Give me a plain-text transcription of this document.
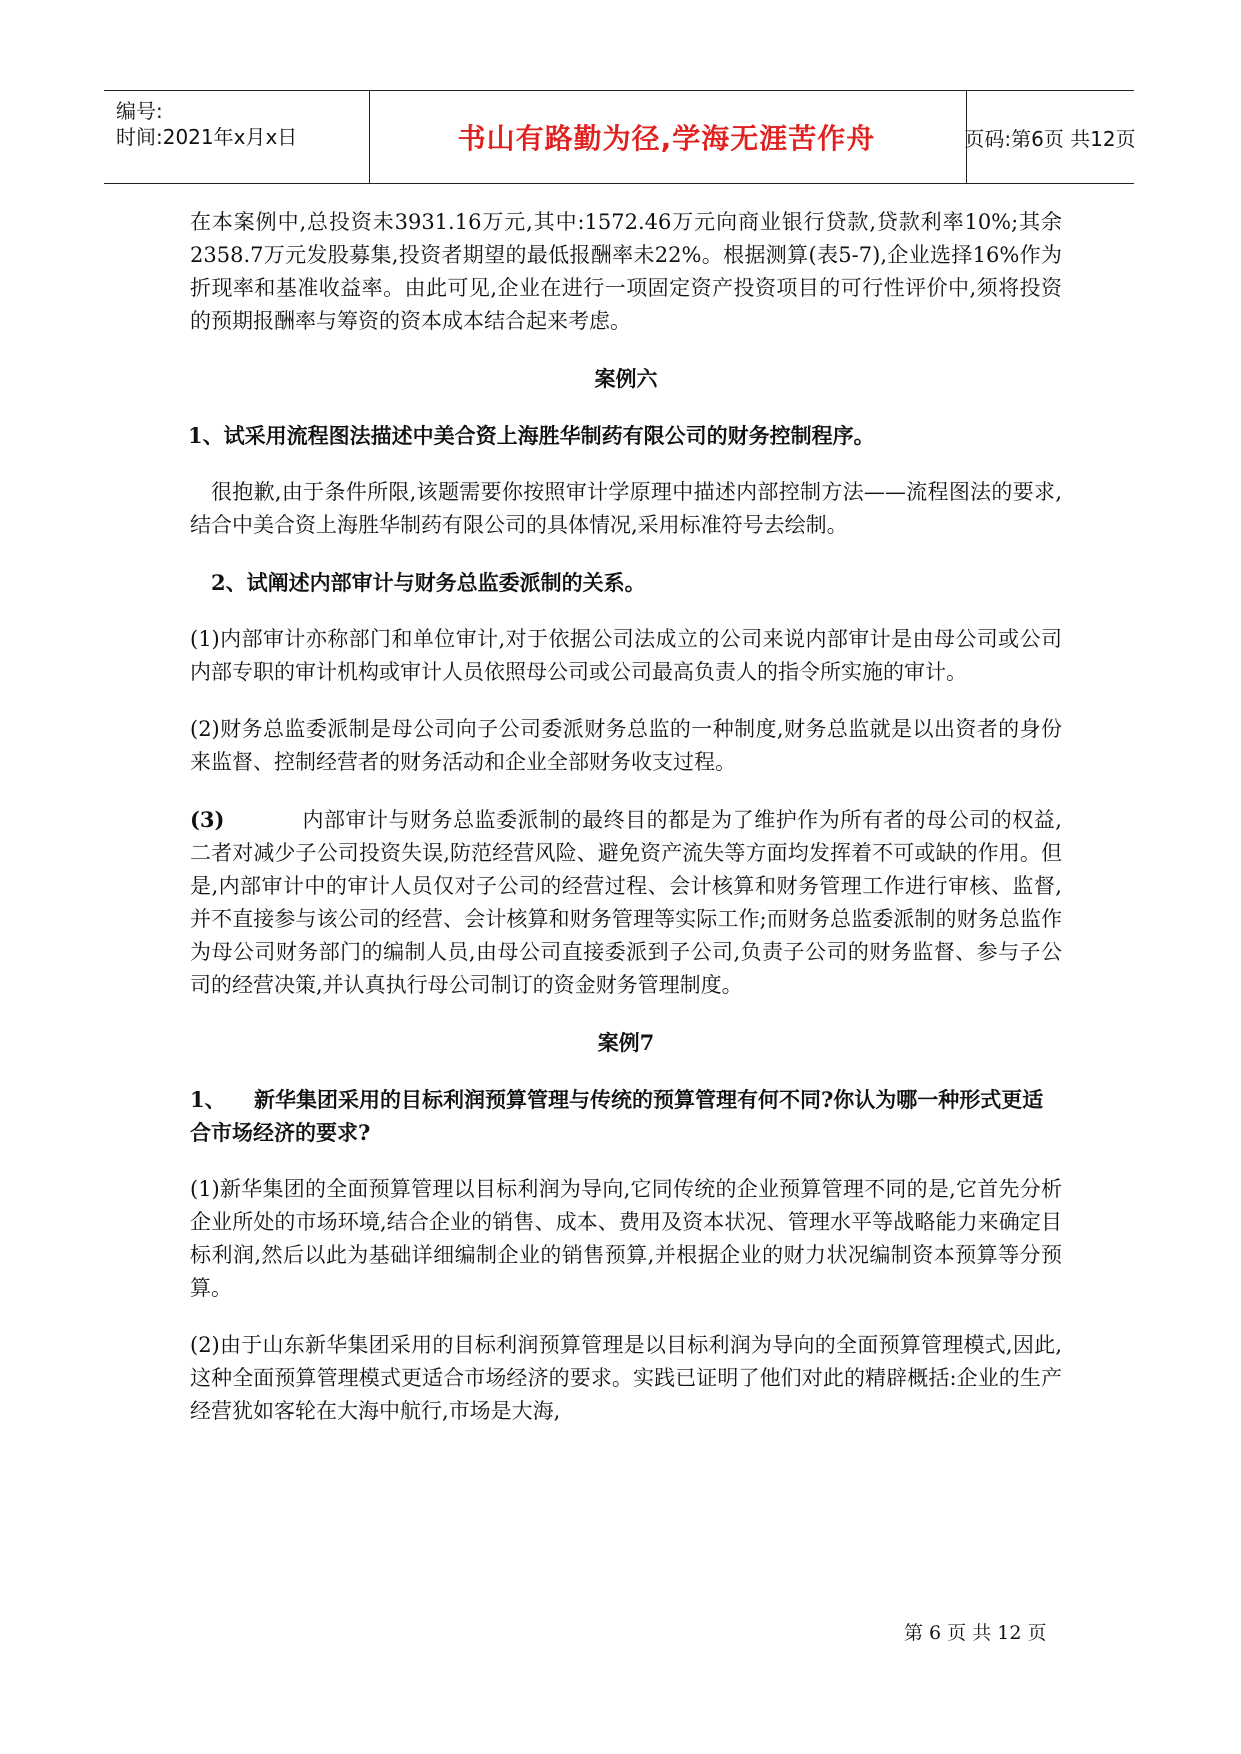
编号:
时间:2021年x月x日	书山有路勤为径,学海无涯苦作舟	页码:第6页 共12页

在本案例中,总投资未3931.16万元,其中:1572.46万元向商业银行贷款,贷款利率10%;其余2358.7万元发股募集,投资者期望的最低报酬率未22%。根据测算(表5-7),企业选择16%作为折现率和基准收益率。由此可见,企业在进行一项固定资产投资项目的可行性评价中,须将投资的预期报酬率与筹资的资本成本结合起来考虑。

案例六

1、试采用流程图法描述中美合资上海胜华制药有限公司的财务控制程序。

很抱歉,由于条件所限,该题需要你按照审计学原理中描述内部控制方法——流程图法的要求,结合中美合资上海胜华制药有限公司的具体情况,采用标准符号去绘制。

2、试阐述内部审计与财务总监委派制的关系。

(1)内部审计亦称部门和单位审计,对于依据公司法成立的公司来说内部审计是由母公司或公司内部专职的审计机构或审计人员依照母公司或公司最高负责人的指令所实施的审计。

(2)财务总监委派制是母公司向子公司委派财务总监的一种制度,财务总监就是以出资者的身份来监督、控制经营者的财务活动和企业全部财务收支过程。

(3)	内部审计与财务总监委派制的最终目的都是为了维护作为所有者的母公司的权益,二者对减少子公司投资失误,防范经营风险、避免资产流失等方面均发挥着不可或缺的作用。但是,内部审计中的审计人员仅对子公司的经营过程、会计核算和财务管理工作进行审核、监督,并不直接参与该公司的经营、会计核算和财务管理等实际工作;而财务总监委派制的财务总监作为母公司财务部门的编制人员,由母公司直接委派到子公司,负责子公司的财务监督、参与子公司的经营决策,并认真执行母公司制订的资金财务管理制度。

案例7

1、 新华集团采用的目标利润预算管理与传统的预算管理有何不同?你认为哪一种形式更适合市场经济的要求?

(1)新华集团的全面预算管理以目标利润为导向,它同传统的企业预算管理不同的是,它首先分析企业所处的市场环境,结合企业的销售、成本、费用及资本状况、管理水平等战略能力来确定目标利润,然后以此为基础详细编制企业的销售预算,并根据企业的财力状况编制资本预算等分预算。

(2)由于山东新华集团采用的目标利润预算管理是以目标利润为导向的全面预算管理模式,因此,这种全面预算管理模式更适合市场经济的要求。实践已证明了他们对此的精辟概括:企业的生产经营犹如客轮在大海中航行,市场是大海,

第 6 页 共 12 页
